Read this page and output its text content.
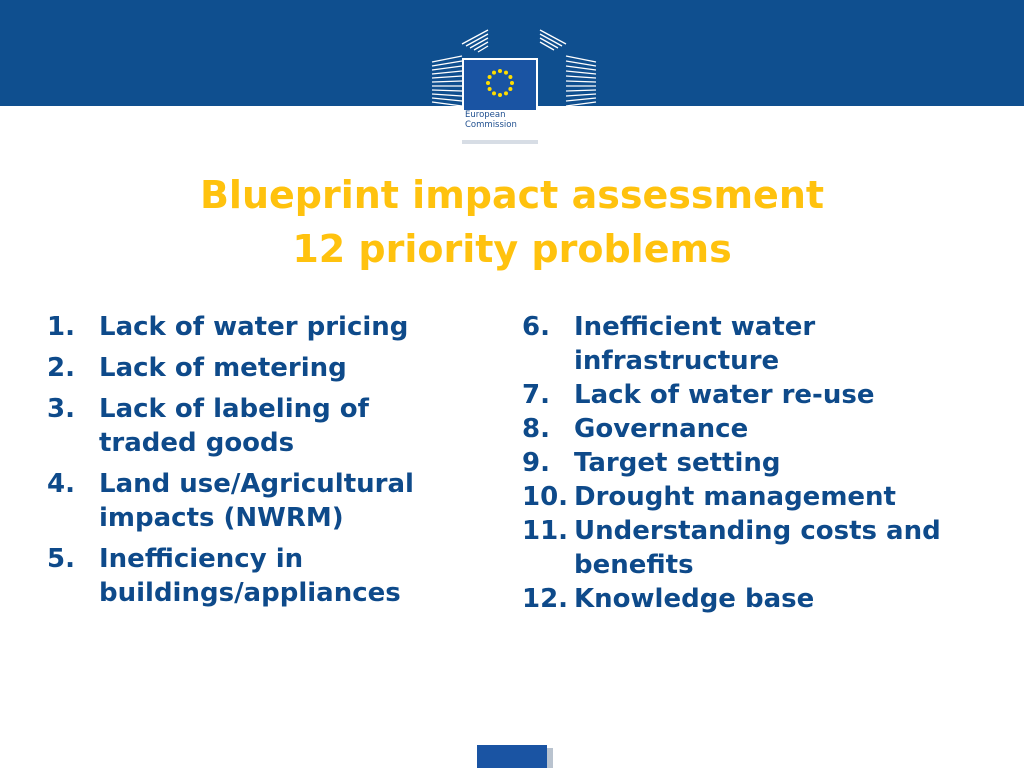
European
Commission
Blueprint impact assessment
12 priority problems
1. Lack of water pricing
2. Lack of metering
3. Lack of labeling of traded goods
4. Land use/Agricultural impacts (NWRM)
5. Inefficiency in buildings/appliances
6. Inefficient water infrastructure
7. Lack of water re-use
8. Governance
9. Target setting
10. Drought management
11. Understanding costs and benefits
12. Knowledge base
